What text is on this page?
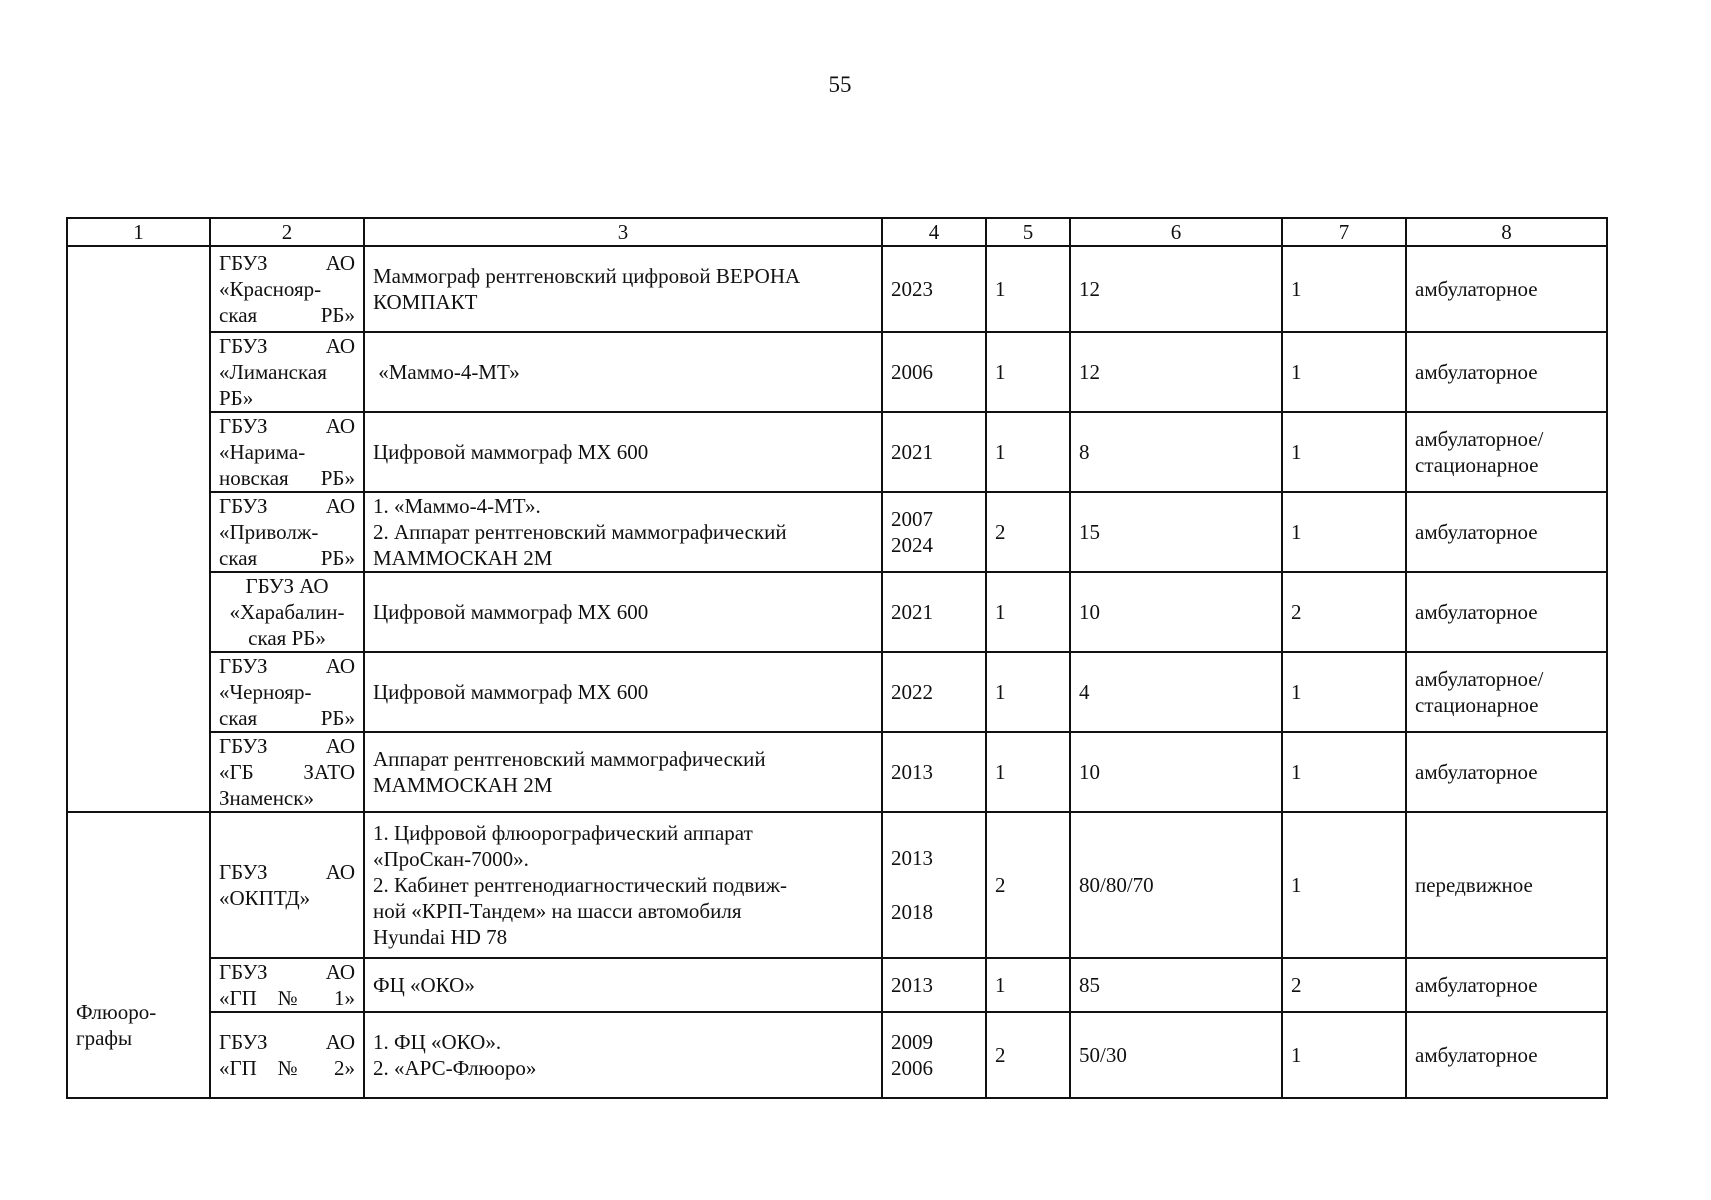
55
1	2	3	4	5	6	7	8

	ГБУЗ АО
«Краснояр-
ская РБ»	Маммограф рентгеновский цифровой ВЕРОНА
КОМПАКТ	2023	1	12	1	амбулаторное

	ГБУЗ АО
«Лиманская
РБ»	«Маммо-4-МТ»	2006	1	12	1	амбулаторное

	ГБУЗ АО
«Нарима-
новская РБ»	Цифровой маммограф MX 600	2021	1	8	1	амбулаторное/
стационарное

	ГБУЗ АО
«Приволж-
ская РБ»	1. «Маммо-4-МТ».
2. Аппарат рентгеновский маммографический
МАММОСКАН 2М	2007
2024	2	15	1	амбулаторное

	ГБУЗ АО
«Харабалин-
ская РБ»	Цифровой маммограф MX 600	2021	1	10	2	амбулаторное

	ГБУЗ АО
«Чернояр-
ская РБ»	Цифровой маммограф MX 600	2022	1	4	1	амбулаторное/
стационарное

	ГБУЗ АО
«ГБ ЗАТО
Знаменск»	Аппарат рентгеновский маммографический
МАММОСКАН 2М	2013	1	10	1	амбулаторное

Флюоро-
графы	ГБУЗ АО
«ОКПТД»	1. Цифровой флюорографический аппарат
«ПроСкан-7000».
2. Кабинет рентгенодиагностический подвиж-
ной «КРП-Тандем» на шасси автомобиля
Hyundai HD 78	2013
2018	2	80/80/70	1	передвижное

	ГБУЗ АО
«ГП № 1»	ФЦ «ОКО»	2013	1	85	2	амбулаторное

	ГБУЗ АО
«ГП № 2»	1. ФЦ «ОКО».
2. «АРС-Флюоро»	2009
2006	2	50/30	1	амбулаторное
